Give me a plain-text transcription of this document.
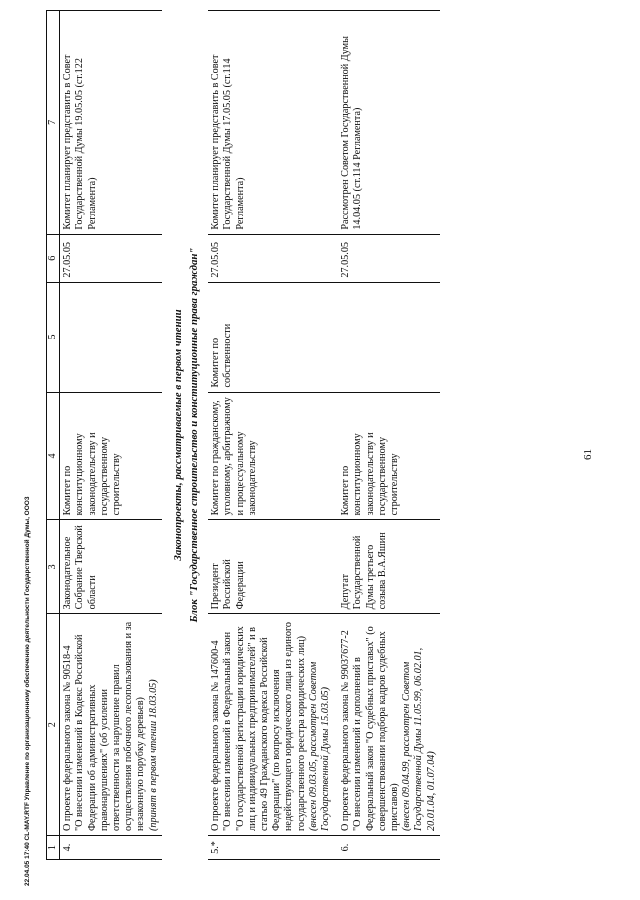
22.04.05 17:40 CL-MAY.RTF Управление по организационному обеспечению деятельности Государственной Думы, ООО3
61
1	2	3	4	5	6	7
4.	О проекте федерального закона № 90518-4 "О внесении изменений в Кодекс Российской Федерации об административных правонарушениях" (об усилении ответственности за нарушение правил осуществления побочного лесопользования и за незаконную порубку деревьев) (принят в первом чтении 18.03.05)	Законодательное Собрание Тверской области	Комитет по конституционному законодательству и государственному строительству		27.05.05	Комитет планирует представить в Совет Государственной Думы 19.05.05 (ст.122 Регламента)
Законопроекты, рассматриваемые в первом чтении						
Блок "Государственное строительство и конституционные права граждан"						
5.*	О проекте федерального закона № 147600-4 "О внесении изменений в Федеральный закон "О государственной регистрации юридических лиц и индивидуальных предпринимателей" и в статью 49 Гражданского кодекса Российской Федерации" (по вопросу исключения недействующего юридического лица из единого государственного реестра юридических лиц) (внесен 09.03.05, рассмотрен Советом Государственной Думы 15.03.05)	Президент Российской Федерации	Комитет по гражданскому, уголовному, арбитражному и процессуальному законодательству	Комитет по собственности	27.05.05	Комитет планирует представить в Совет Государственной Думы 17.05.05 (ст.114 Регламента)

6.	О проекте федерального закона № 99037677-2 "О внесении изменений и дополнений в Федеральный закон "О судебных приставах" (о совершенствовании подбора кадров судебных приставов) (внесен 09.04.99, рассмотрен Советом Государственной Думы 11.05.99, 06.02.01, 20.01.04, 01.07.04)	Депутат Государственной Думы третьего созыва В.А.Яшин	Комитет по конституционному законодательству и государственному строительству		27.05.05	Рассмотрен Советом Государственной Думы 14.04.05 (ст.114 Регламента)
